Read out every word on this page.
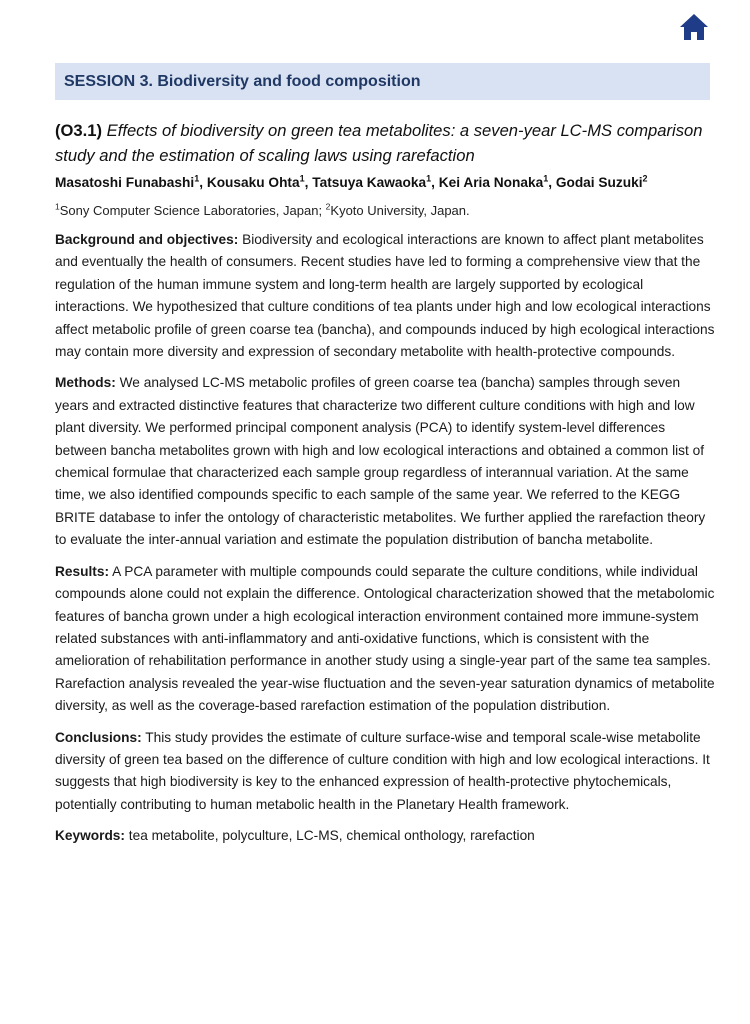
SESSION 3. Biodiversity and food composition

(O3.1) Effects of biodiversity on green tea metabolites: a seven-year LC-MS comparison study and the estimation of scaling laws using rarefaction

Masatoshi Funabashi$^1$, Kousaku Ohta$^1$, Tatsuya Kawaoka$^1$, Kei Aria Nonaka$^1$, Godai Suzuki$^2$
$^1$Sony Computer Science Laboratories, Japan; $^2$Kyoto University, Japan.
Background and objectives: Biodiversity and ecological interactions are known to affect plant metabolites and eventually the health of consumers. Recent studies have led to forming a comprehensive view that the regulation of the human immune system and long-term health are largely supported by ecological interactions. We hypothesized that culture conditions of tea plants under high and low ecological interactions affect metabolic profile of green coarse tea (bancha), and compounds induced by high ecological interactions may contain more diversity and expression of secondary metabolite with health-protective compounds.
Methods: We analysed LC-MS metabolic profiles of green coarse tea (bancha) samples through seven years and extracted distinctive features that characterize two different culture conditions with high and low plant diversity. We performed principal component analysis (PCA) to identify system-level differences between bancha metabolites grown with high and low ecological interactions and obtained a common list of chemical formulae that characterized each sample group regardless of interannual variation. At the same time, we also identified compounds specific to each sample of the same year. We referred to the KEGG BRITE database to infer the ontology of characteristic metabolites. We further applied the rarefaction theory to evaluate the inter-annual variation and estimate the population distribution of bancha metabolite.
Results: A PCA parameter with multiple compounds could separate the culture conditions, while individual compounds alone could not explain the difference. Ontological characterization showed that the metabolomic features of bancha grown under a high ecological interaction environment contained more immune-system related substances with anti-inflammatory and anti-oxidative functions, which is consistent with the amelioration of rehabilitation performance in another study using a single-year part of the same tea samples. Rarefaction analysis revealed the year-wise fluctuation and the seven-year saturation dynamics of metabolite diversity, as well as the coverage-based rarefaction estimation of the population distribution.
Conclusions: This study provides the estimate of culture surface-wise and temporal scale-wise metabolite diversity of green tea based on the difference of culture condition with high and low ecological interactions. It suggests that high biodiversity is key to the enhanced expression of health-protective phytochemicals, potentially contributing to human metabolic health in the Planetary Health framework.
Keywords: tea metabolite, polyculture, LC-MS, chemical onthology, rarefaction
